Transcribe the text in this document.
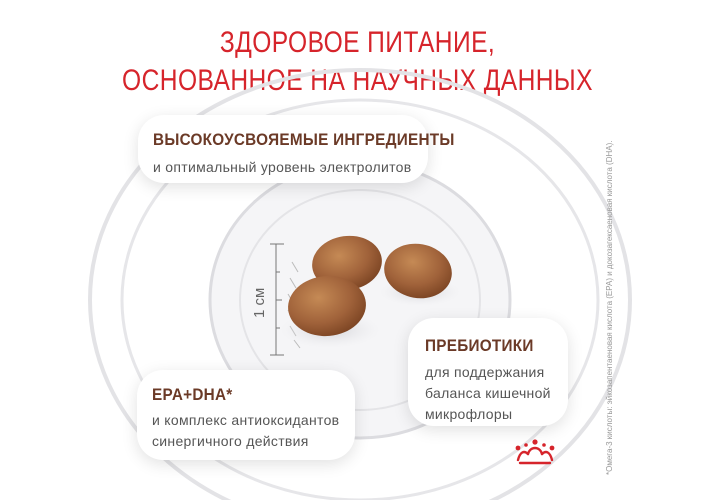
ЗДОРОВОЕ ПИТАНИЕ,
ОСНОВАННОЕ НА НАУЧНЫХ ДАННЫХ
1 см
ВЫСОКОУСВОЯЕМЫЕ ИНГРЕДИЕНТЫ
и оптимальный уровень электролитов
ПРЕБИОТИКИ
для поддержания
баланса кишечной
микрофлоры
EPA+DHA*
и комплекс антиоксидантов
синергичного действия	*Омега-3 кислоты: эйкозапентаеновая кислота (EPA) и докозагексаеновая кислота (DHA).
